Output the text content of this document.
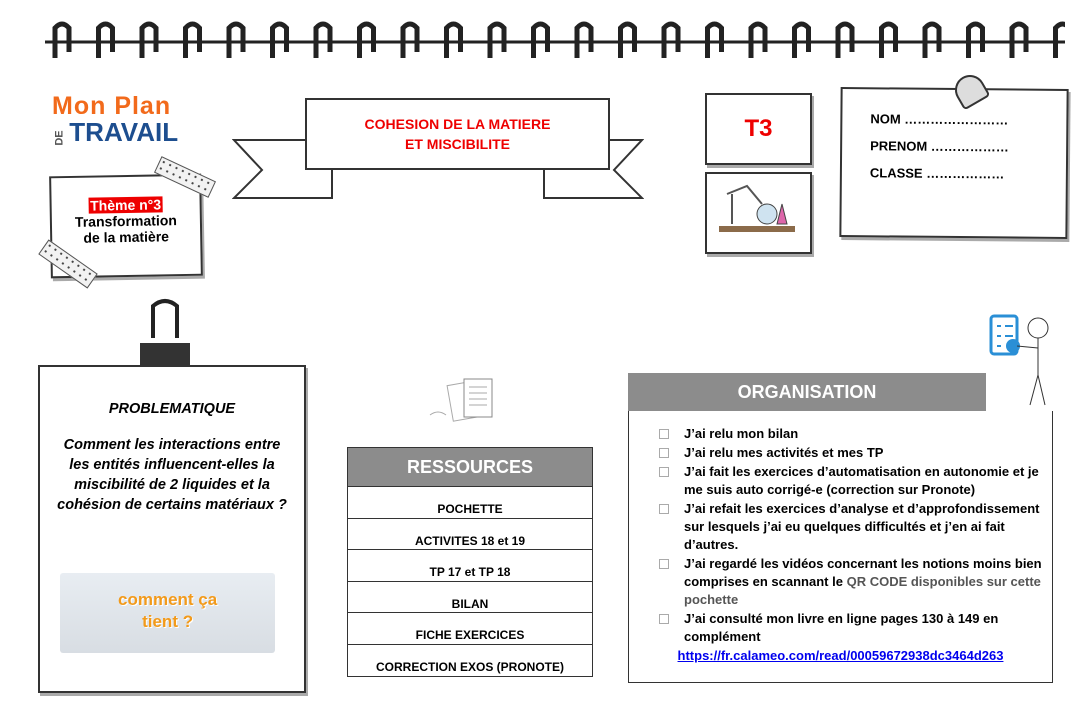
Mon Plan
DE TRAVAIL
Thème n°3
Transformation
de la matière
COHESION DE LA MATIERE
ET MISCIBILITE
T3	NOM ……………………
PRENOM ………………
CLASSE ………………
PROBLEMATIQUE
Comment les interactions entre les entités influencent-elles la miscibilité de 2 liquides et la cohésion de certains matériaux ?
comment ça
tient ?
RESSOURCES
POCHETTE
ACTIVITES 18 et 19
TP 17 et TP 18
BILAN
FICHE EXERCICES
CORRECTION EXOS (PRONOTE)
ORGANISATION
J’ai relu mon bilan
J’ai relu mes activités et mes TP
J’ai fait les exercices d’automatisation en autonomie et je me suis auto corrigé-e (correction sur Pronote)
J’ai refait les exercices d’analyse et d’approfondissement sur lesquels j’ai eu quelques difficultés et j’en ai fait d’autres.
J’ai regardé les vidéos concernant les notions moins bien comprises en scannant le QR CODE disponibles sur cette pochette
J’ai consulté mon livre en ligne pages 130 à 149 en complément
https://fr.calameo.com/read/00059672938dc3464d263
